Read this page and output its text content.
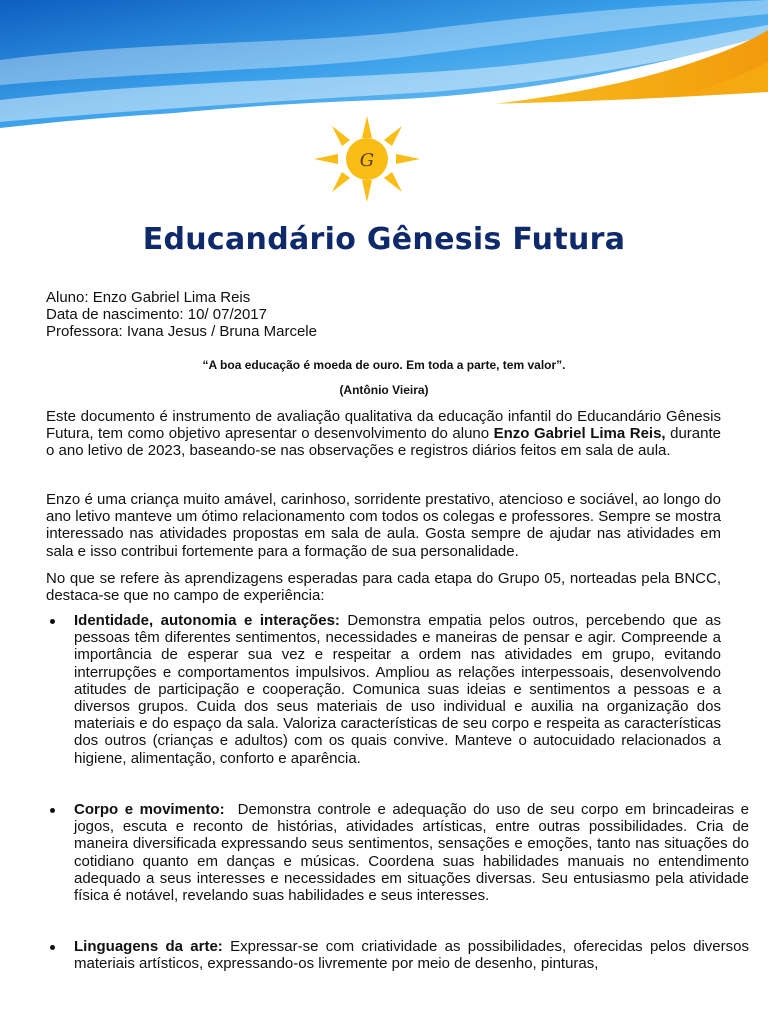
G
Educandário Gênesis Futura
Aluno: Enzo Gabriel Lima Reis
Data de nascimento: 10/ 07/2017
Professora: Ivana Jesus / Bruna Marcele
“A boa educação é moeda de ouro. Em toda a parte, tem valor”.
(Antônio Vieira)
Este documento é instrumento de avaliação qualitativa da educação infantil do Educandário Gênesis Futura, tem como objetivo apresentar o desenvolvimento do aluno Enzo Gabriel Lima Reis, durante o ano letivo de 2023, baseando-se nas observações e registros diários feitos em sala de aula.
Enzo é uma criança muito amável, carinhoso, sorridente prestativo, atencioso e sociável, ao longo do ano letivo manteve um ótimo relacionamento com todos os colegas e professores. Sempre se mostra interessado nas atividades propostas em sala de aula. Gosta sempre de ajudar nas atividades em sala e isso contribui fortemente para a formação de sua personalidade.
No que se refere às aprendizagens esperadas para cada etapa do Grupo 05, norteadas pela BNCC, destaca-se que no campo de experiência:
Identidade, autonomia e interações: Demonstra empatia pelos outros, percebendo que as pessoas têm diferentes sentimentos, necessidades e maneiras de pensar e agir. Compreende a importância de esperar sua vez e respeitar a ordem nas atividades em grupo, evitando interrupções e comportamentos impulsivos. Ampliou as relações interpessoais, desenvolvendo atitudes de participação e cooperação. Comunica suas ideias e sentimentos a pessoas e a diversos grupos. Cuida dos seus materiais de uso individual e auxilia na organização dos materiais e do espaço da sala. Valoriza características de seu corpo e respeita as características dos outros (crianças e adultos) com os quais convive. Manteve o autocuidado relacionados a higiene, alimentação, conforto e aparência.
Corpo e movimento:  Demonstra controle e adequação do uso de seu corpo em brincadeiras e jogos, escuta e reconto de histórias, atividades artísticas, entre outras possibilidades. Cria de maneira diversificada expressando seus sentimentos, sensações e emoções, tanto nas situações do cotidiano quanto em danças e músicas. Coordena suas habilidades manuais no entendimento adequado a seus interesses e necessidades em situações diversas. Seu entusiasmo pela atividade física é notável, revelando suas habilidades e seus interesses.
Linguagens da arte: Expressar-se com criatividade as possibilidades, oferecidas pelos diversos materiais artísticos, expressando-os livremente por meio de desenho, pinturas,
